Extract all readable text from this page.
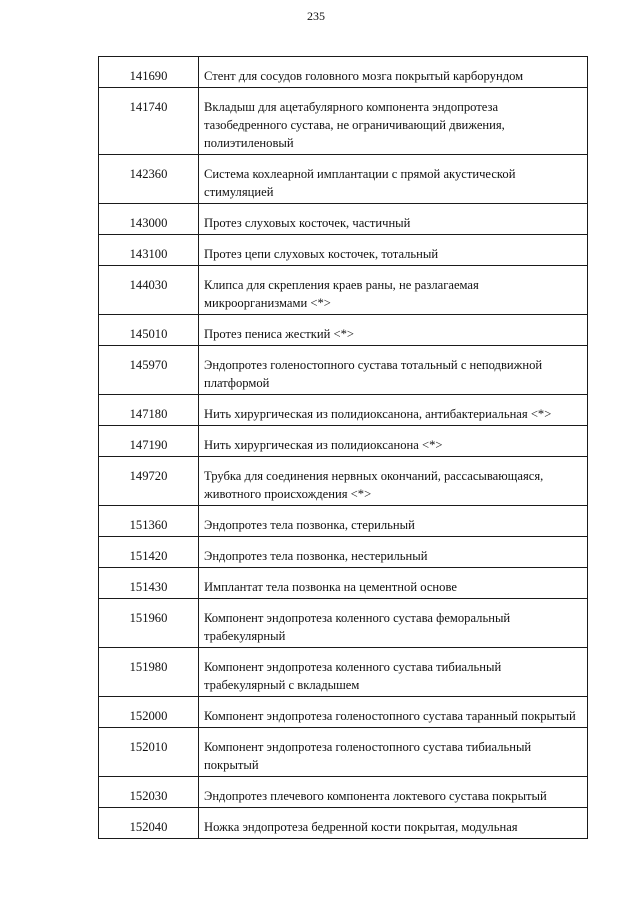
235
141690	Стент для сосудов головного мозга покрытый карборундом
141740	Вкладыш для ацетабулярного компонента эндопротеза тазобедренного сустава, не ограничивающий движения, полиэтиленовый
142360	Система кохлеарной имплантации с прямой акустической стимуляцией
143000	Протез слуховых косточек, частичный
143100	Протез цепи слуховых косточек, тотальный
144030	Клипса для скрепления краев раны, не разлагаемая микроорганизмами <*>
145010	Протез пениса жесткий <*>
145970	Эндопротез голеностопного сустава тотальный с неподвижной платформой
147180	Нить хирургическая из полидиоксанона, антибактериальная <*>
147190	Нить хирургическая из полидиоксанона <*>
149720	Трубка для соединения нервных окончаний, рассасывающаяся, животного происхождения <*>
151360	Эндопротез тела позвонка, стерильный
151420	Эндопротез тела позвонка, нестерильный
151430	Имплантат тела позвонка на цементной основе
151960	Компонент эндопротеза коленного сустава феморальный трабекулярный
151980	Компонент эндопротеза коленного сустава тибиальный трабекулярный с вкладышем
152000	Компонент эндопротеза голеностопного сустава таранный покрытый
152010	Компонент эндопротеза голеностопного сустава тибиальный покрытый
152030	Эндопротез плечевого компонента локтевого сустава покрытый
152040	Ножка эндопротеза бедренной кости покрытая, модульная
